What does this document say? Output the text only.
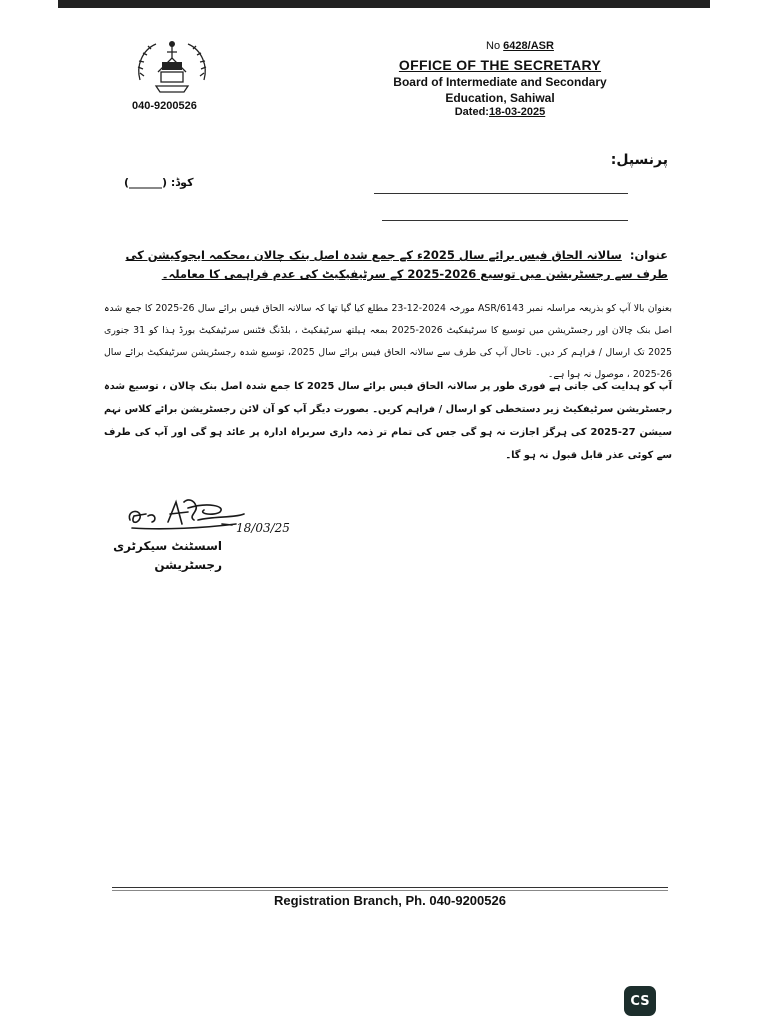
040-9200526
No 6428/ASR
OFFICE OF THE SECRETARY
Board of Intermediate and Secondary
Education, Sahiwal
Dated:18-03-2025
پرنسپل:
کوڈ: (______)
عنوان: سالانہ الحاق فیس برائے سال 2025ء کے جمع شدہ اصل بنک چالان ،محکمہ ایجوکیشن کی طرف سے رجسٹریشن میں توسیع 2026-2025 کے سرٹیفیکیٹ کی عدم فراہمی کا معاملہ۔
بعنوان بالا آپ کو بذریعہ مراسلہ نمبر ASR/6143 مورخہ 2024-12-23 مطلع کیا گیا تھا کہ سالانہ الحاق فیس برائے سال 26-2025 کا جمع شدہ اصل بنک چالان اور رجسٹریشن میں توسیع کا سرٹیفکیٹ 2026-2025 بمعہ ہیلتھ سرٹیفکیٹ ، بلڈنگ فٹنس سرٹیفکیٹ بورڈ ہذا کو 31 جنوری 2025 تک ارسال / فراہم کر دیں۔ تاحال آپ کی طرف سے سالانہ الحاق فیس برائے سال 2025، توسیع شدہ رجسٹریشن سرٹیفکیٹ برائے سال 26-2025 ، موصول نہ ہوا ہے۔
آپ کو ہدایت کی جاتی ہے فوری طور پر سالانہ الحاق فیس برائے سال 2025 کا جمع شدہ اصل بنک چالان ، توسیع شدہ رجسٹریشن سرٹیفکیٹ زیر دستخطی کو ارسال / فراہم کریں۔ بصورت دیگر آپ کو آن لائن رجسٹریشن برائے کلاس نہم سیشن 27-2025 کی ہرگز اجازت نہ ہو گی جس کی تمام تر ذمہ داری سربراہ ادارہ پر عائد ہو گی اور آپ کی طرف سے کوئی عذر قابل قبول نہ ہو گا۔
18/03/25
اسسٹنٹ سیکرٹری
رجسٹریشن
Registration Branch, Ph. 040-9200526
CS
